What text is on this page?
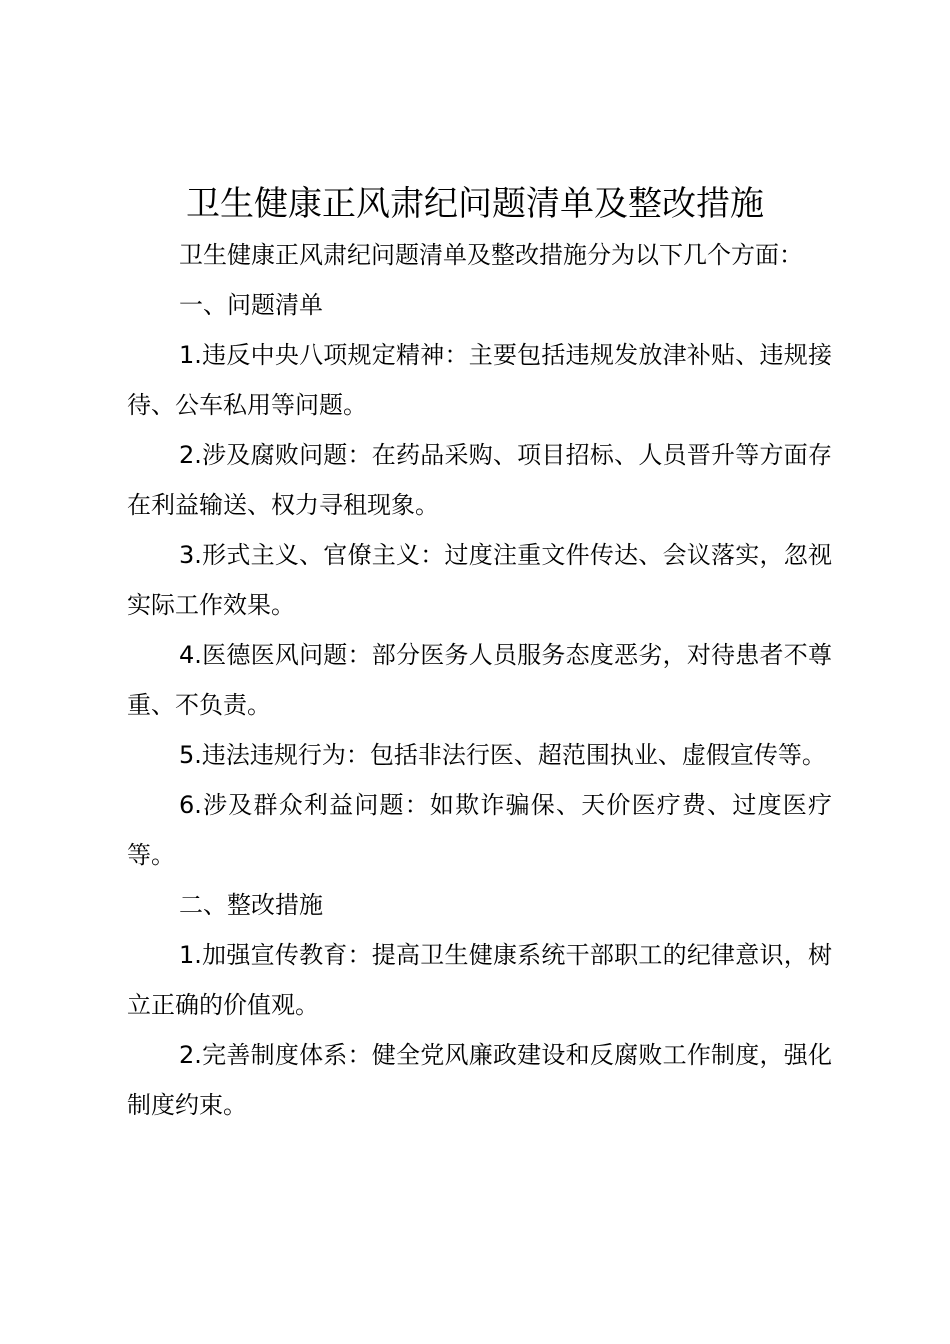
卫生健康正风肃纪问题清单及整改措施

卫生健康正风肃纪问题清单及整改措施分为以下几个方面：

一、问题清单

1.违反中央八项规定精神：主要包括违规发放津补贴、违规接待、公车私用等问题。

2.涉及腐败问题：在药品采购、项目招标、人员晋升等方面存在利益输送、权力寻租现象。

3.形式主义、官僚主义：过度注重文件传达、会议落实，忽视实际工作效果。

4.医德医风问题：部分医务人员服务态度恶劣，对待患者不尊重、不负责。

5.违法违规行为：包括非法行医、超范围执业、虚假宣传等。

6.涉及群众利益问题：如欺诈骗保、天价医疗费、过度医疗等。

二、整改措施

1.加强宣传教育：提高卫生健康系统干部职工的纪律意识，树立正确的价值观。

2.完善制度体系：健全党风廉政建设和反腐败工作制度，强化制度约束。
